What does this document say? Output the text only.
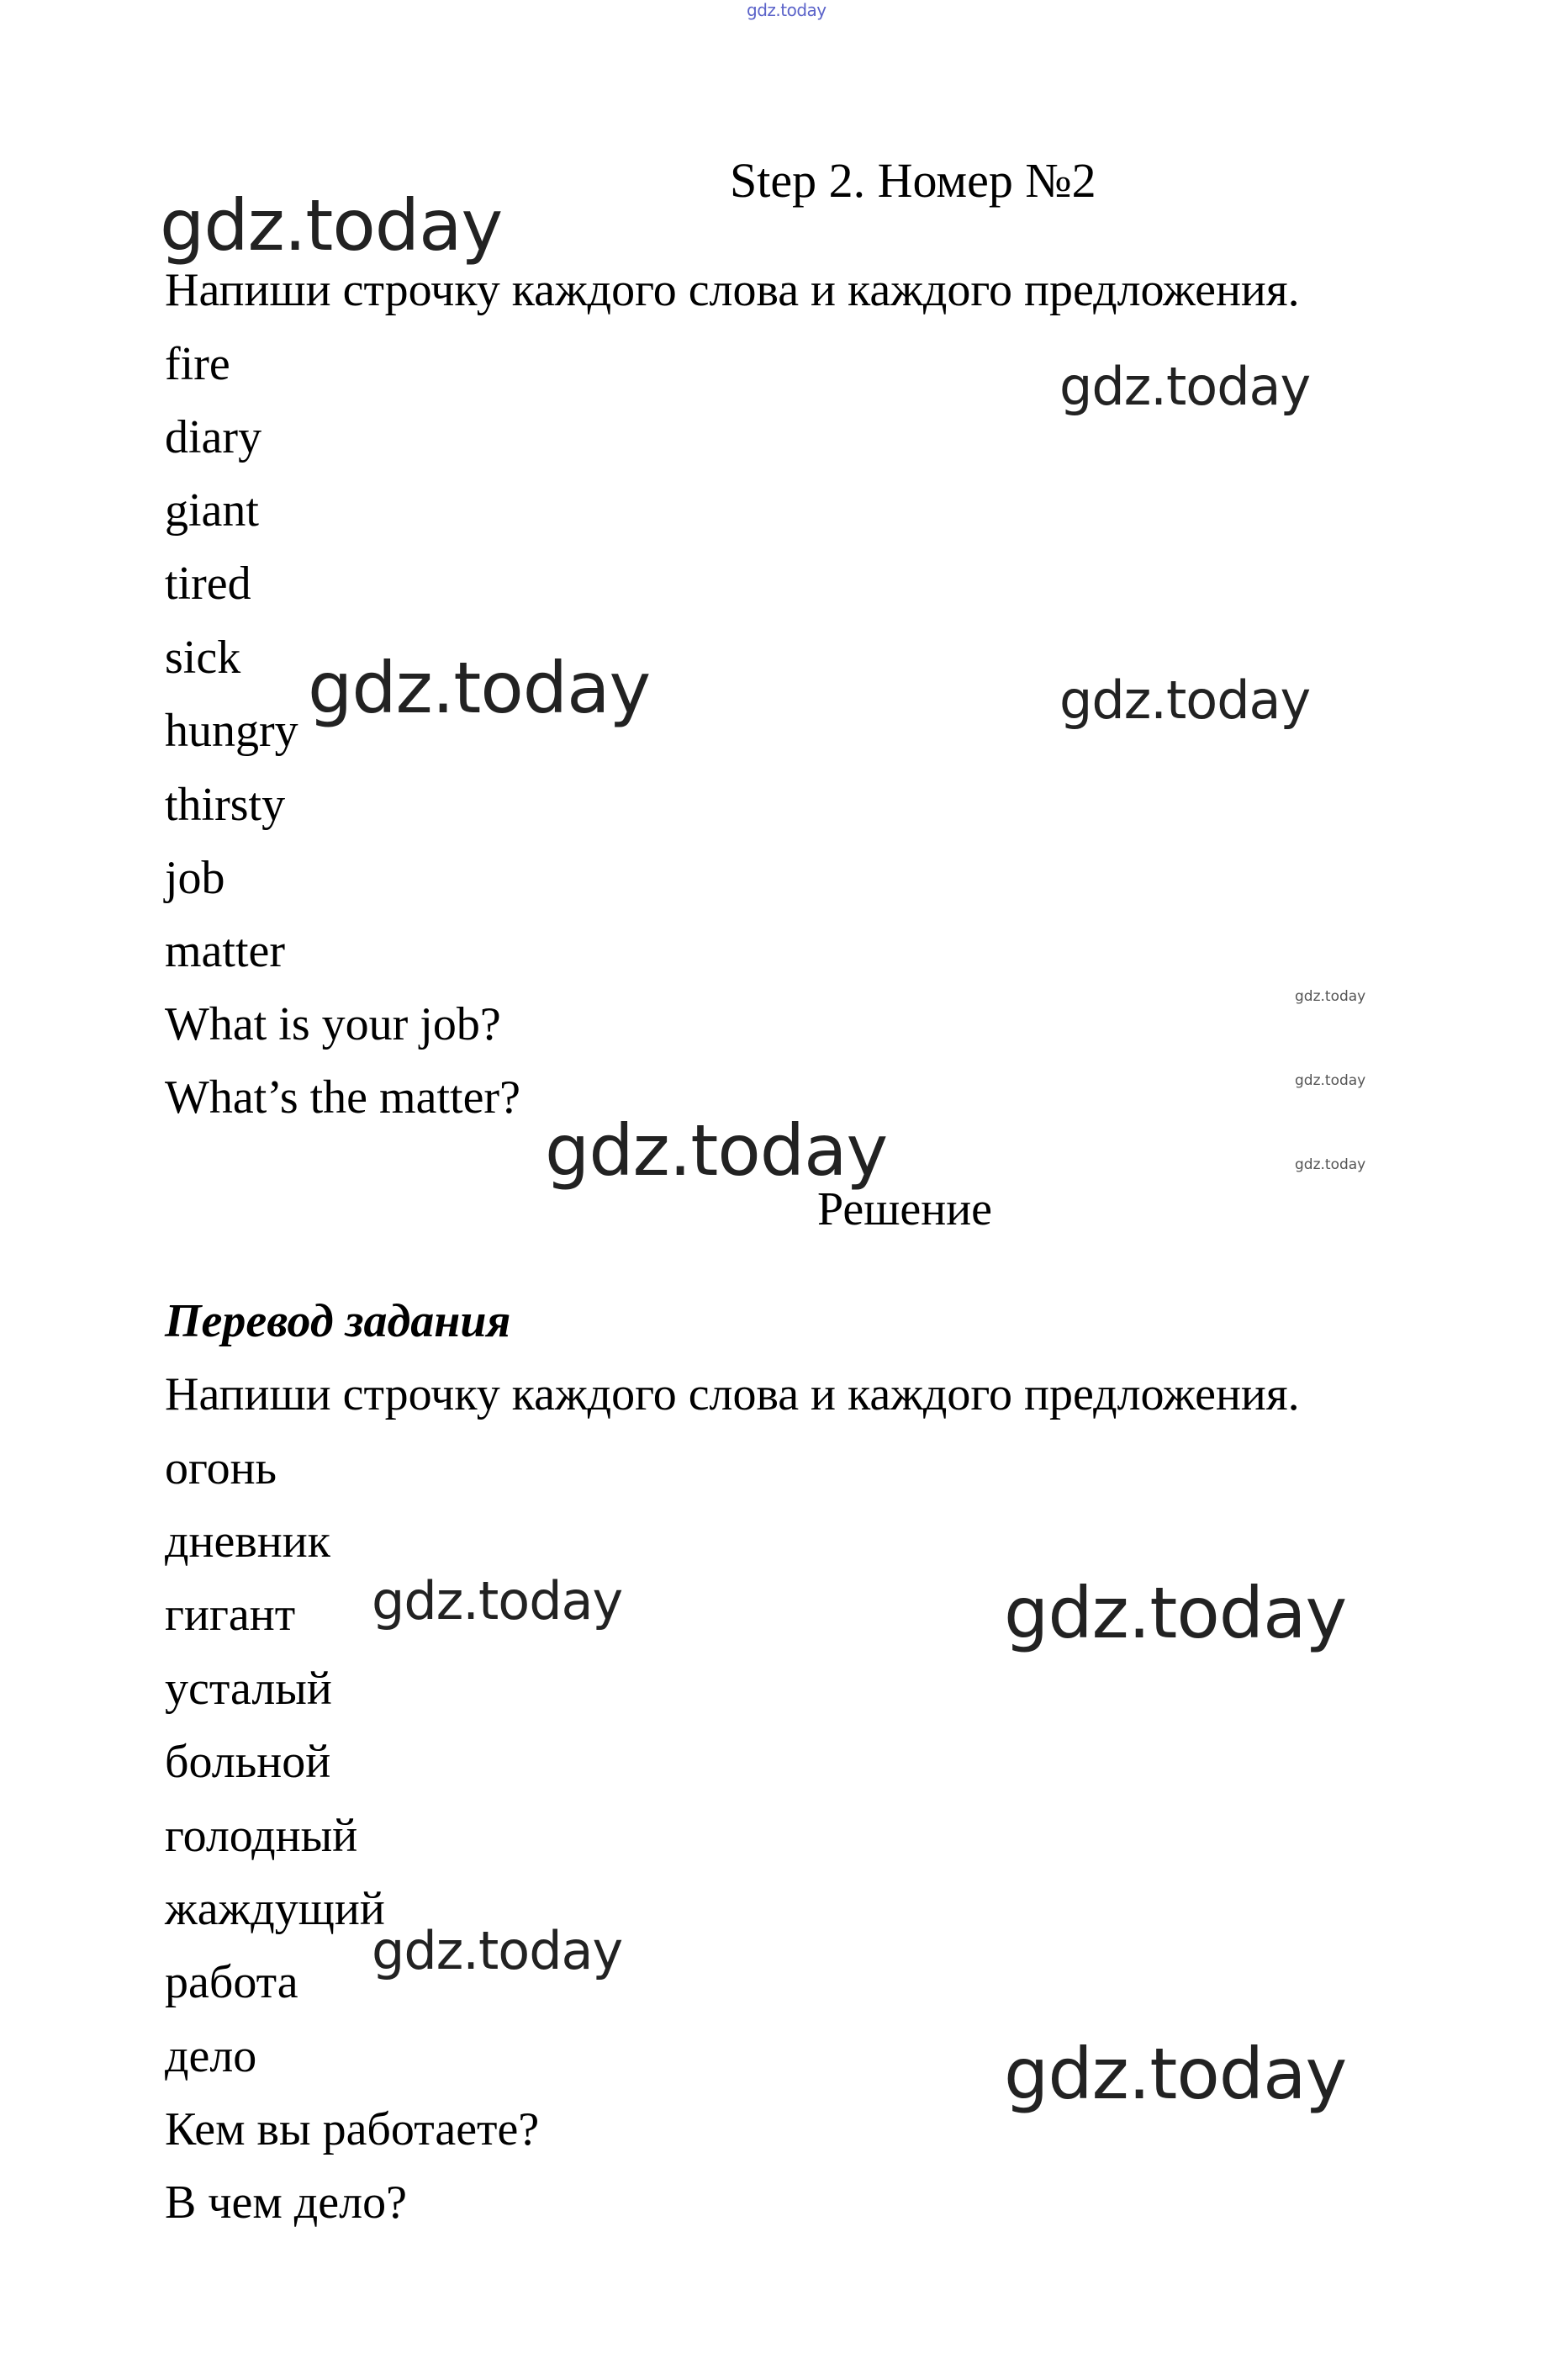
gdz.today
Step 2. Номер №2
Напиши строчку каждого слова и каждого предложения.
fire
diary
giant
tired
sick
hungry
thirsty
job
matter
What is your job?
What’s the matter?
Решение
Перевод задания
Напиши строчку каждого слова и каждого предложения.
огонь
дневник
гигант
усталый
больной
голодный
жаждущий
работа
дело
Кем вы работаете?
В чем дело?
gdz.today
gdz.today
gdz.today	gdz.today
gdz.today
gdz.today
gdz.today	gdz.today
gdz.today	gdz.today
gdz.today
gdz.today
